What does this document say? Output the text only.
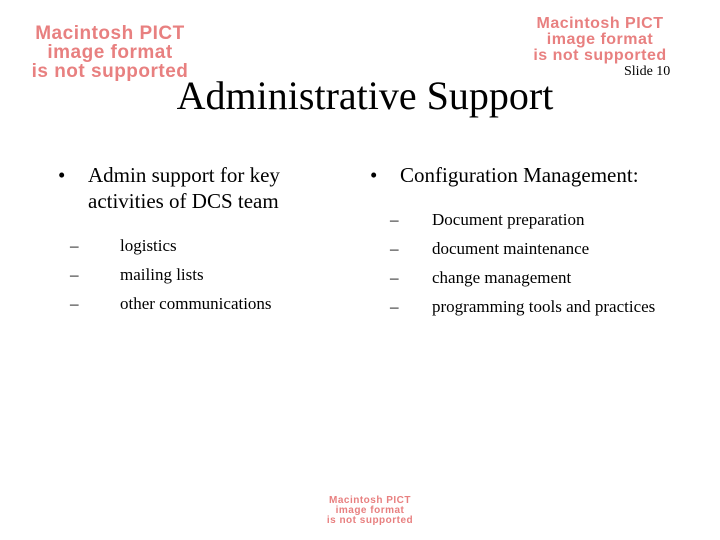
Macintosh PICT
image format
is not supported
Macintosh PICT
image format
is not supported
Administrative Support
Slide 10
• Admin support for key activities of DCS team
– logistics
– mailing lists
– other communications
• Configuration Management:
– Document preparation
– document maintenance
– change management
– programming tools and practices
Macintosh PICT
image format
is not supported
